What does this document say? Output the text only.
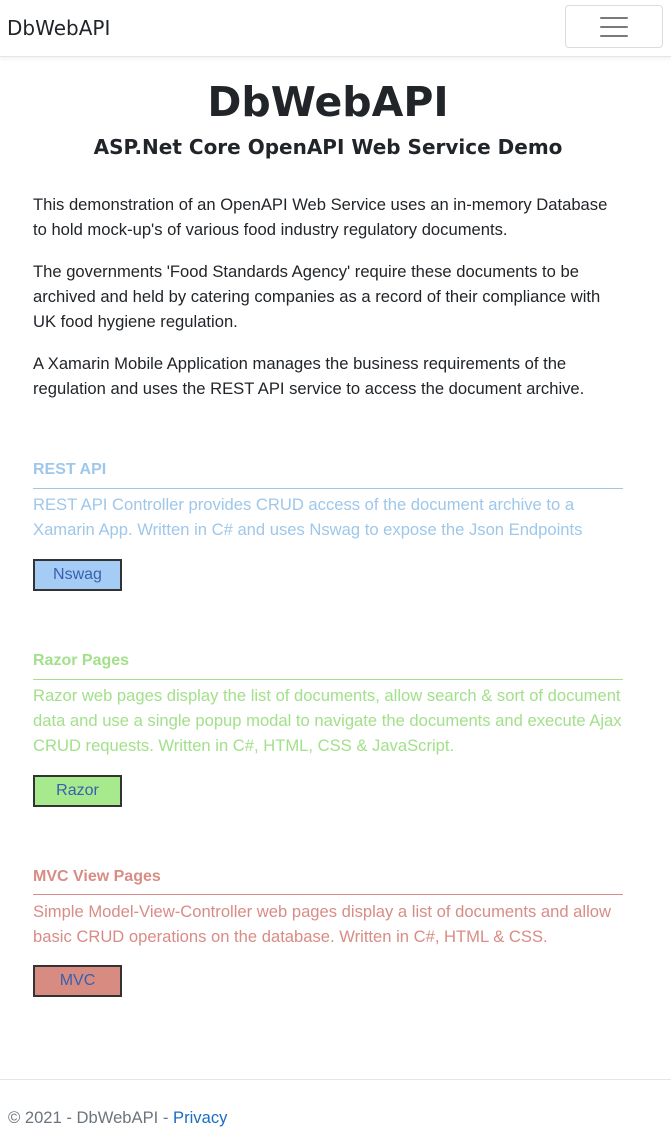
DbWebAPI
DbWebAPI
ASP.Net Core OpenAPI Web Service Demo

This demonstration of an OpenAPI Web Service uses an in-memory Database to hold mock-up's of various food industry regulatory documents.

The governments 'Food Standards Agency' require these documents to be archived and held by catering companies as a record of their compliance with UK food hygiene regulation.

A Xamarin Mobile Application manages the business requirements of the regulation and uses the REST API service to access the document archive.

REST API

REST API Controller provides CRUD access of the document archive to a Xamarin App. Written in C# and uses Nswag to expose the Json Endpoints

Nswag
Razor Pages

Razor web pages display the list of documents, allow search & sort of document data and use a single popup modal to navigate the documents and execute Ajax CRUD requests. Written in C#, HTML, CSS & JavaScript.

Razor
MVC View Pages

Simple Model-View-Controller web pages display a list of documents and allow basic CRUD operations on the database. Written in C#, HTML & CSS.

MVC
© 2021 - DbWebAPI - Privacy
